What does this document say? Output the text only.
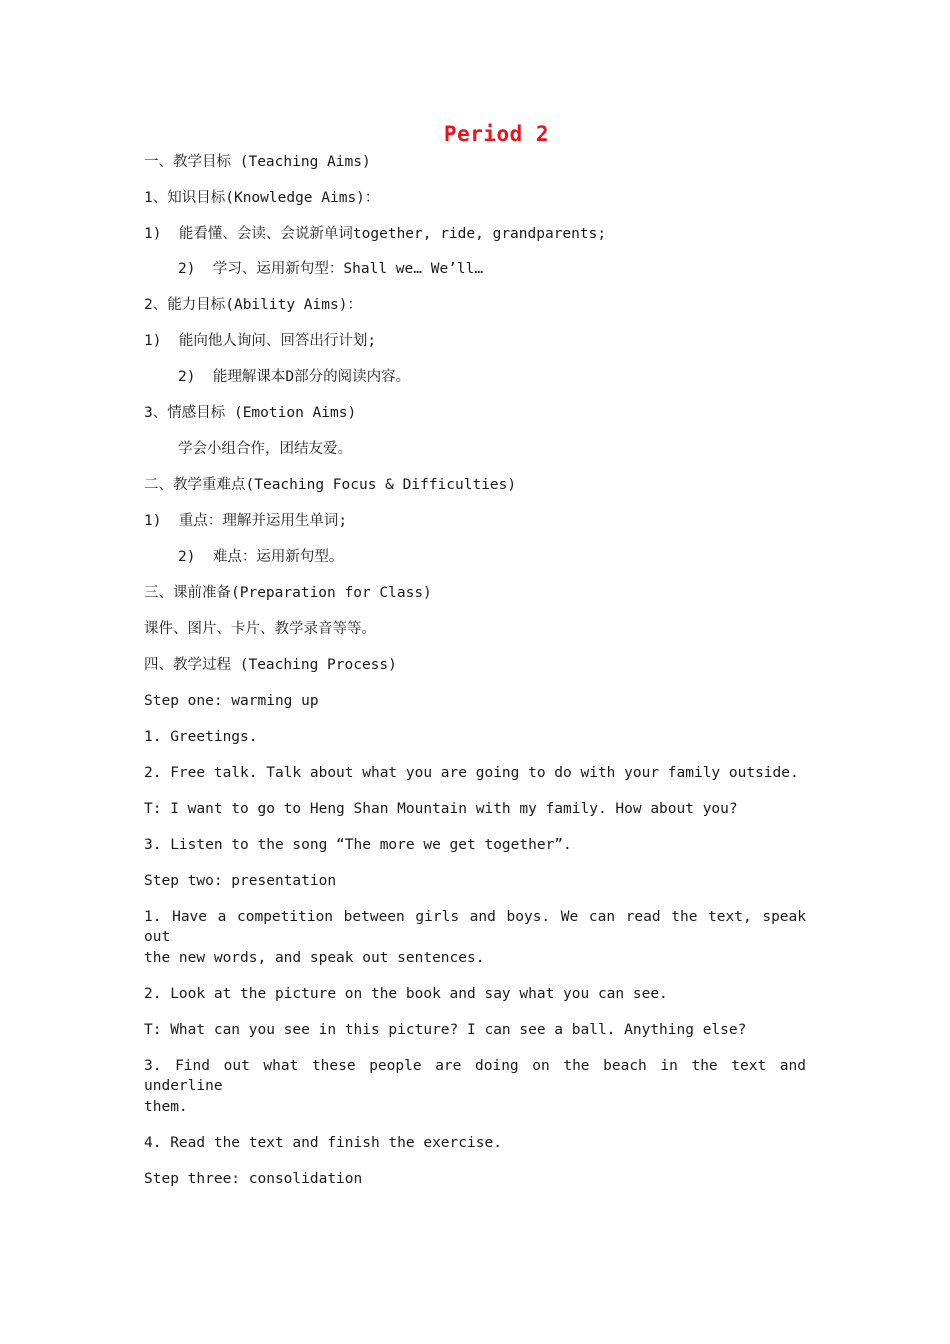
Period 2
一、教学目标 (Teaching Aims)
1、知识目标(Knowledge Aims)：
1)  能看懂、会读、会说新单词together, ride, grandparents;
2)  学习、运用新句型：Shall we… We’ll…
2、能力目标(Ability Aims)：
1)  能向他人询问、回答出行计划;
2)  能理解课本D部分的阅读内容。
3、情感目标 (Emotion Aims)
学会小组合作，团结友爱。
二、教学重难点(Teaching Focus & Difficulties)
1)  重点：理解并运用生单词;
2)  难点：运用新句型。
三、课前准备(Preparation for Class)
课件、图片、卡片、教学录音等等。
四、教学过程 (Teaching Process)
Step one: warming up
1. Greetings.
2. Free talk. Talk about what you are going to do with your family outside.
T: I want to go to Heng Shan Mountain with my family. How about you?
3. Listen to the song “The more we get together”.
Step two: presentation
1. Have a competition between girls and boys. We can read the text, speak out
the new words, and speak out sentences.
2. Look at the picture on the book and say what you can see.
T: What can you see in this picture? I can see a ball. Anything else?
3. Find out what these people are doing on the beach in the text and underline
them.
4. Read the text and finish the exercise.
Step three: consolidation
